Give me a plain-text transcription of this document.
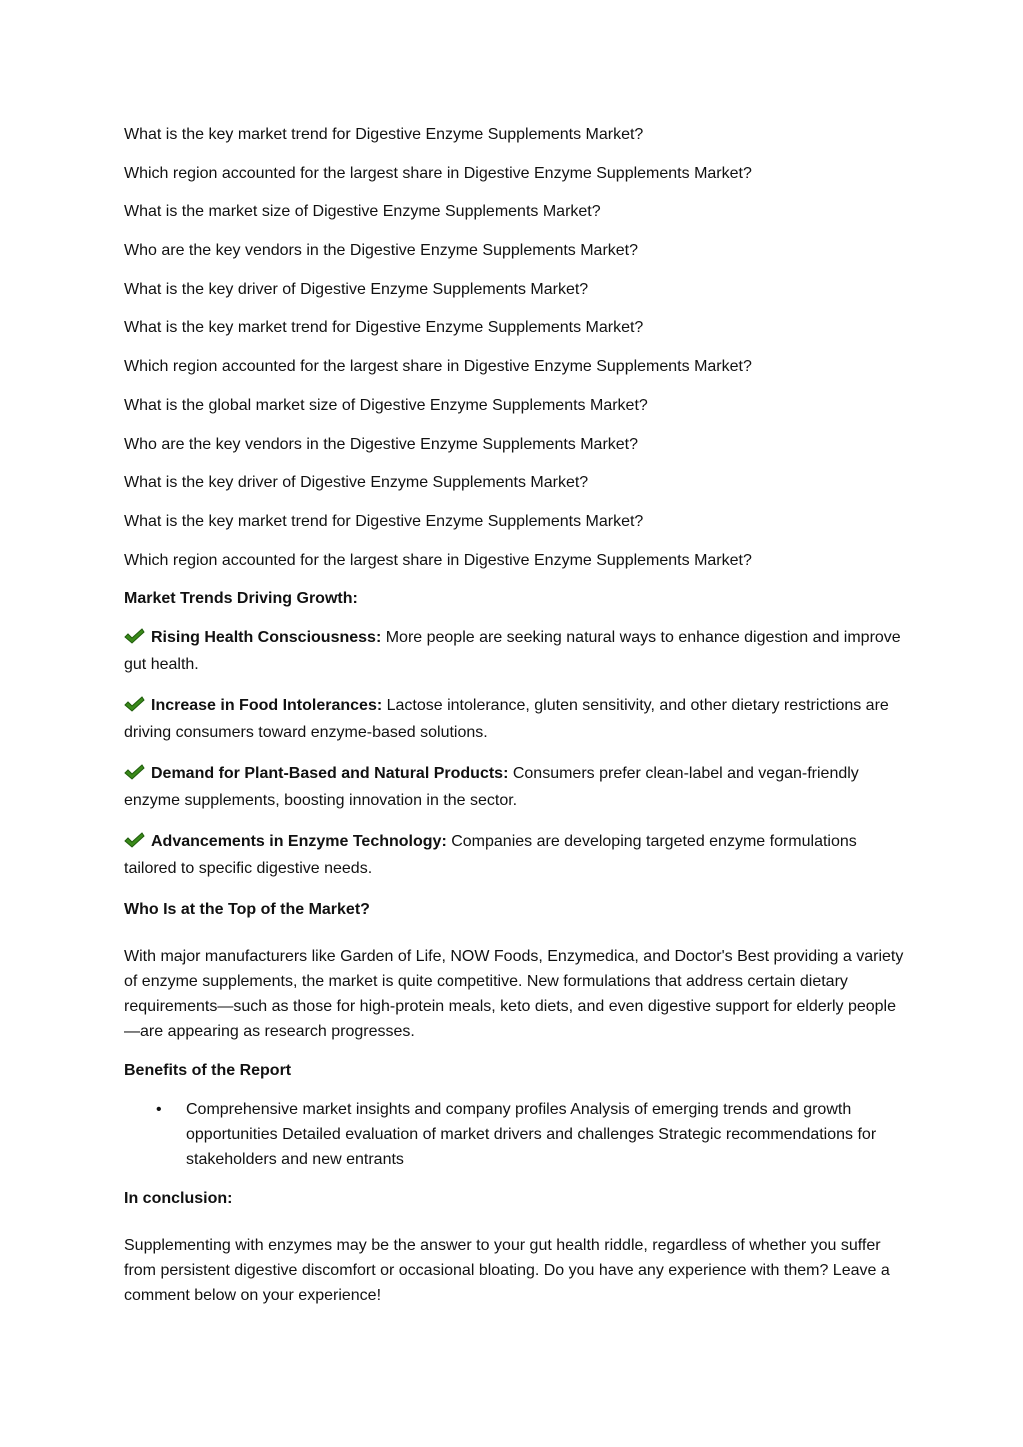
What is the key market trend for Digestive Enzyme Supplements Market?

Which region accounted for the largest share in Digestive Enzyme Supplements Market?

What is the market size of Digestive Enzyme Supplements Market?

Who are the key vendors in the Digestive Enzyme Supplements Market?

What is the key driver of Digestive Enzyme Supplements Market?

What is the key market trend for Digestive Enzyme Supplements Market?

Which region accounted for the largest share in Digestive Enzyme Supplements Market?

What is the global market size of Digestive Enzyme Supplements Market?

Who are the key vendors in the Digestive Enzyme Supplements Market?

What is the key driver of Digestive Enzyme Supplements Market?

What is the key market trend for Digestive Enzyme Supplements Market?

Which region accounted for the largest share in Digestive Enzyme Supplements Market?

Market Trends Driving Growth:

Rising Health Consciousness: More people are seeking natural ways to enhance digestion and improve gut health.

Increase in Food Intolerances: Lactose intolerance, gluten sensitivity, and other dietary restrictions are driving consumers toward enzyme-based solutions.

Demand for Plant-Based and Natural Products: Consumers prefer clean-label and vegan-friendly enzyme supplements, boosting innovation in the sector.

Advancements in Enzyme Technology: Companies are developing targeted enzyme formulations tailored to specific digestive needs.

Who Is at the Top of the Market?

With major manufacturers like Garden of Life, NOW Foods, Enzymedica, and Doctor's Best providing a variety of enzyme supplements, the market is quite competitive. New formulations that address certain dietary requirements—such as those for high-protein meals, keto diets, and even digestive support for elderly people—are appearing as research progresses.

Benefits of the Report

• Comprehensive market insights and company profiles Analysis of emerging trends and growth opportunities Detailed evaluation of market drivers and challenges Strategic recommendations for stakeholders and new entrants

In conclusion:

Supplementing with enzymes may be the answer to your gut health riddle, regardless of whether you suffer from persistent digestive discomfort or occasional bloating. Do you have any experience with them? Leave a comment below on your experience!
